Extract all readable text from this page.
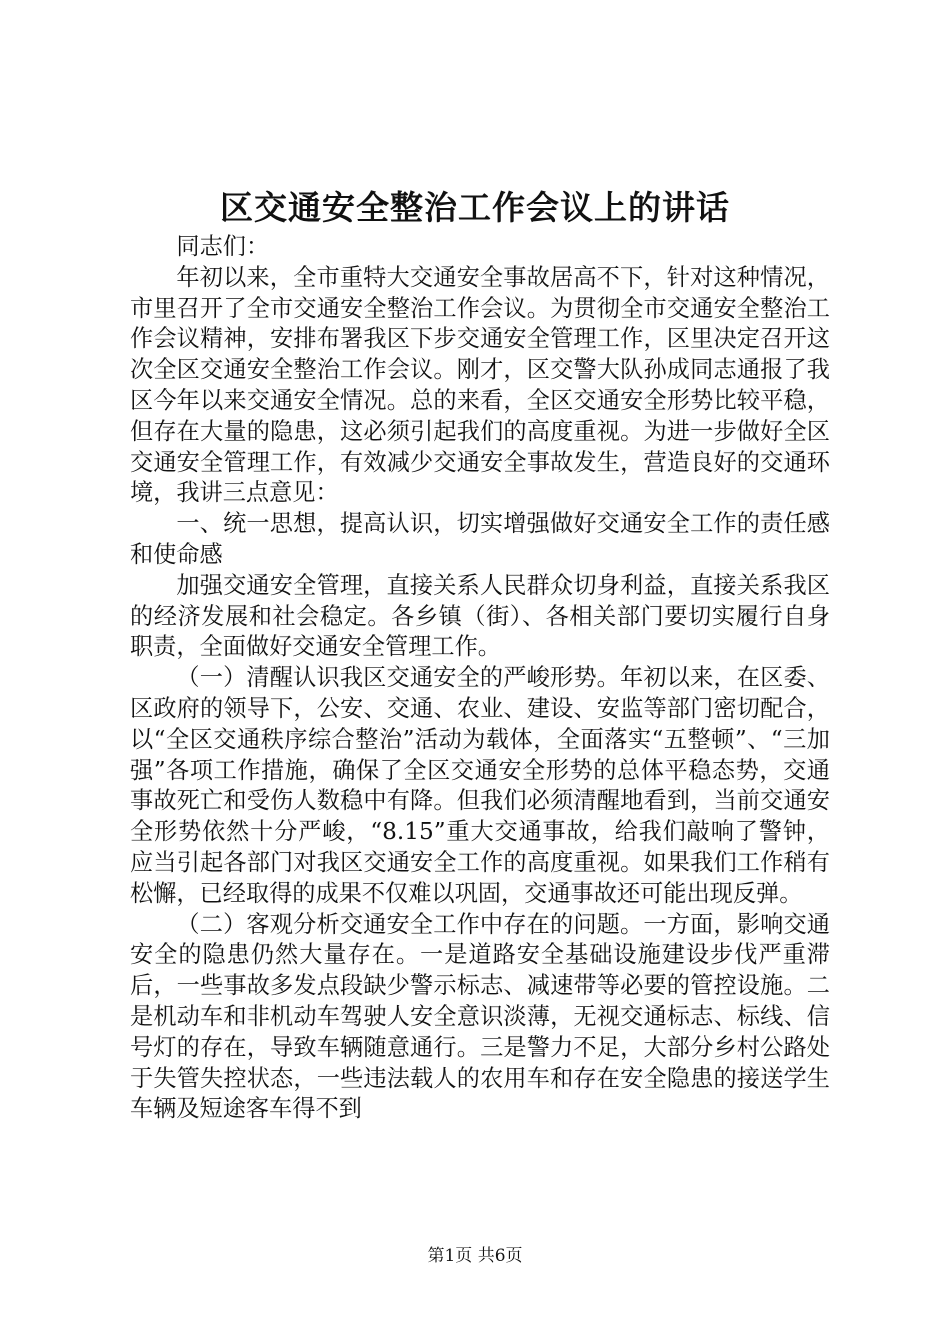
区交通安全整治工作会议上的讲话

同志们：

年初以来，全市重特大交通安全事故居高不下，针对这种情况，市里召开了全市交通安全整治工作会议。为贯彻全市交通安全整治工作会议精神，安排布署我区下步交通安全管理工作，区里决定召开这次全区交通安全整治工作会议。刚才，区交警大队孙成同志通报了我区今年以来交通安全情况。总的来看，全区交通安全形势比较平稳，但存在大量的隐患，这必须引起我们的高度重视。为进一步做好全区交通安全管理工作，有效减少交通安全事故发生，营造良好的交通环境，我讲三点意见：

一、统一思想，提高认识，切实增强做好交通安全工作的责任感和使命感

加强交通安全管理，直接关系人民群众切身利益，直接关系我区的经济发展和社会稳定。各乡镇（街）、各相关部门要切实履行自身职责，全面做好交通安全管理工作。

（一）清醒认识我区交通安全的严峻形势。年初以来，在区委、区政府的领导下，公安、交通、农业、建设、安监等部门密切配合，以“全区交通秩序综合整治”活动为载体，全面落实“五整顿”、“三加强”各项工作措施，确保了全区交通安全形势的总体平稳态势，交通事故死亡和受伤人数稳中有降。但我们必须清醒地看到，当前交通安全形势依然十分严峻，“8.15”重大交通事故，给我们敲响了警钟，应当引起各部门对我区交通安全工作的高度重视。如果我们工作稍有松懈，已经取得的成果不仅难以巩固，交通事故还可能出现反弹。

（二）客观分析交通安全工作中存在的问题。一方面，影响交通安全的隐患仍然大量存在。一是道路安全基础设施建设步伐严重滞后，一些事故多发点段缺少警示标志、减速带等必要的管控设施。二是机动车和非机动车驾驶人安全意识淡薄，无视交通标志、标线、信号灯的存在，导致车辆随意通行。三是警力不足，大部分乡村公路处于失管失控状态，一些违法载人的农用车和存在安全隐患的接送学生车辆及短途客车得不到

第1页 共6页
